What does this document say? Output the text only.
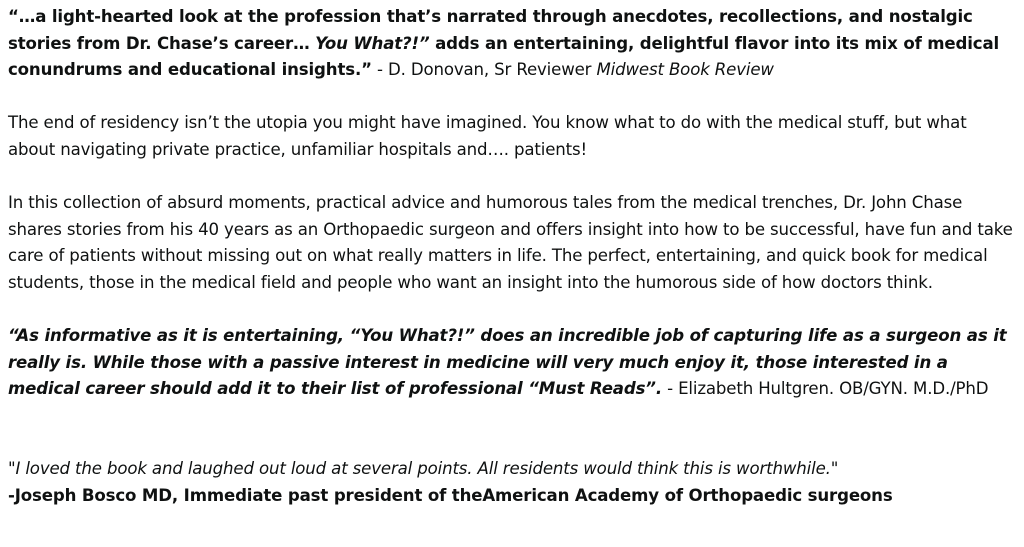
“…a light-hearted look at the profession that’s narrated through anecdotes, recollections, and nostalgic stories from Dr. Chase’s career… You What?!” adds an entertaining, delightful flavor into its mix of medical conundrums and educational insights.” - D. Donovan, Sr Reviewer Midwest Book Review

The end of residency isn’t the utopia you might have imagined. You know what to do with the medical stuff, but what about navigating private practice, unfamiliar hospitals and…. patients!

In this collection of absurd moments, practical advice and humorous tales from the medical trenches, Dr. John Chase shares stories from his 40 years as an Orthopaedic surgeon and offers insight into how to be successful, have fun and take care of patients without missing out on what really matters in life. The perfect, entertaining, and quick book for medical students, those in the medical field and people who want an insight into the humorous side of how doctors think.

“As informative as it is entertaining, “You What?!” does an incredible job of capturing life as a surgeon as it really is. While those with a passive interest in medicine will very much enjoy it, those interested in a medical career should add it to their list of professional “Must Reads”. - Elizabeth Hultgren. OB/GYN. M.D./PhD

"I loved the book and laughed out loud at several points. All residents would think this is worthwhile."
-Joseph Bosco MD, Immediate past president of theAmerican Academy of Orthopaedic surgeons
